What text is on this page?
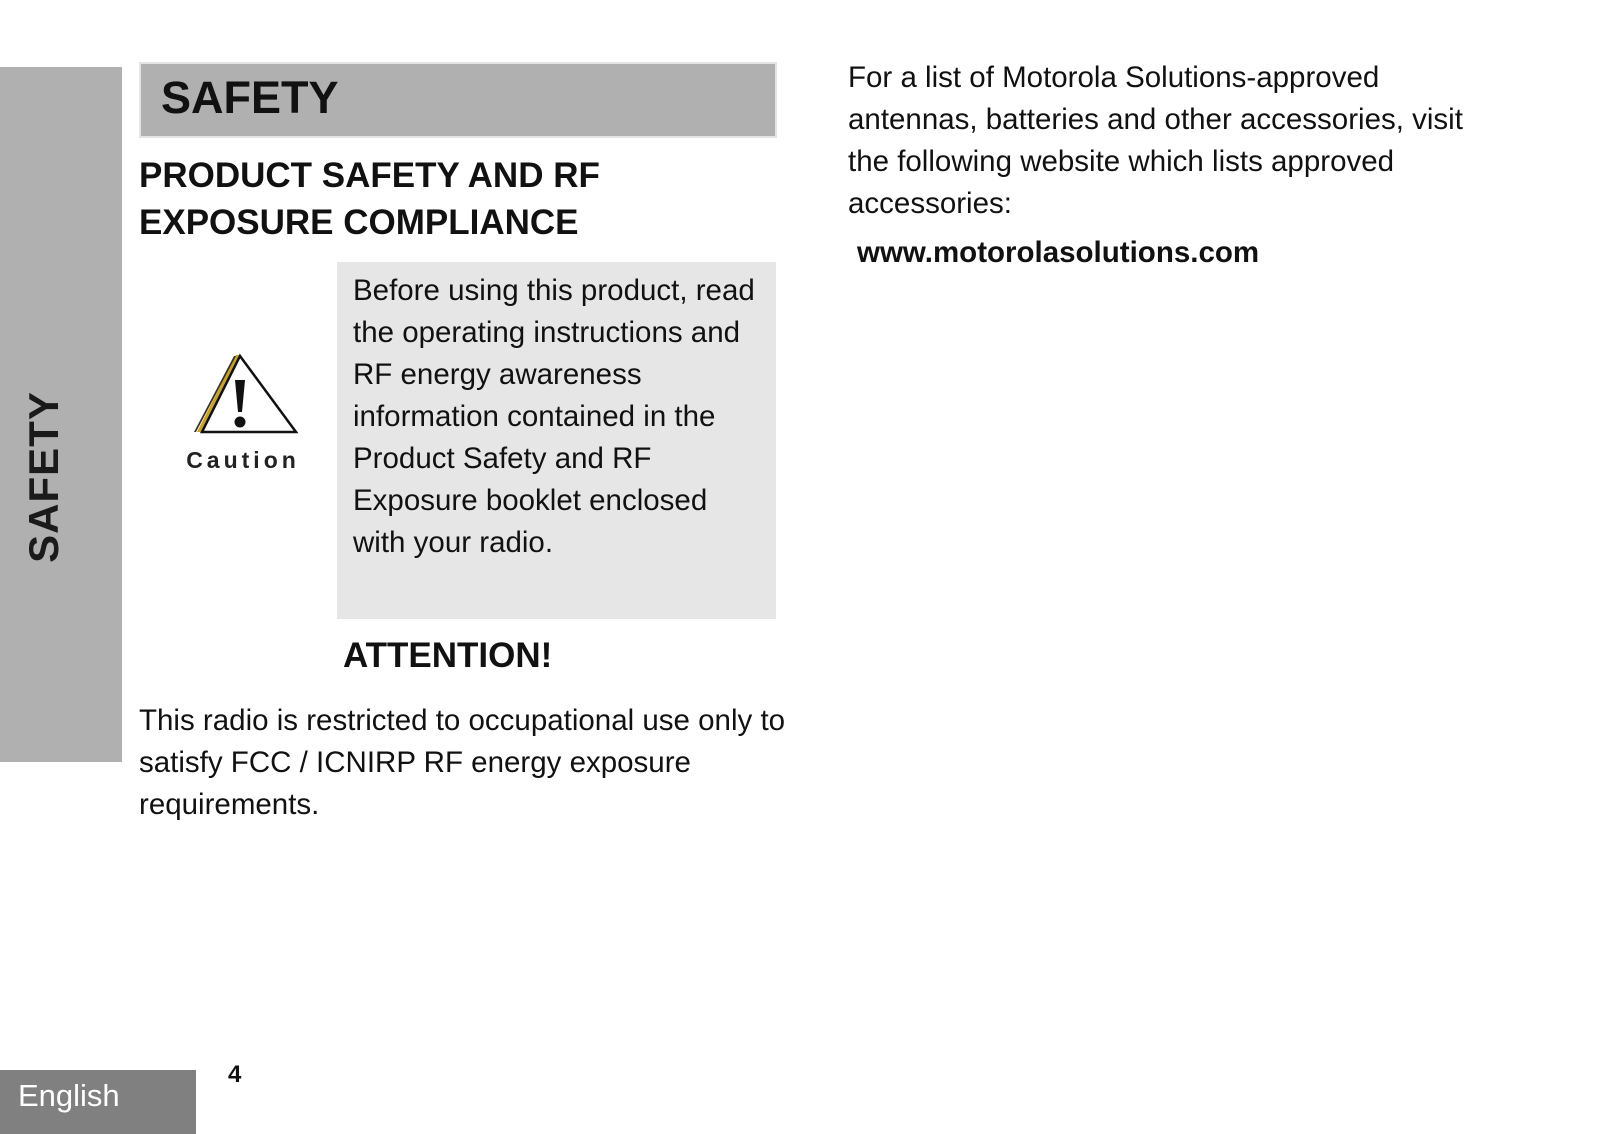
SAFETY
SAFETY
PRODUCT SAFETY AND RF EXPOSURE COMPLIANCE
Caution
Before using this product, read the operating instructions and RF energy awareness information contained in the Product Safety and RF Exposure booklet enclosed with your radio.
ATTENTION!
This radio is restricted to occupational use only to satisfy FCC / ICNIRP RF energy exposure requirements.
For a list of Motorola Solutions-approved antennas, batteries and other accessories, visit the following website which lists approved accessories:
www.motorolasolutions.com
English
4
